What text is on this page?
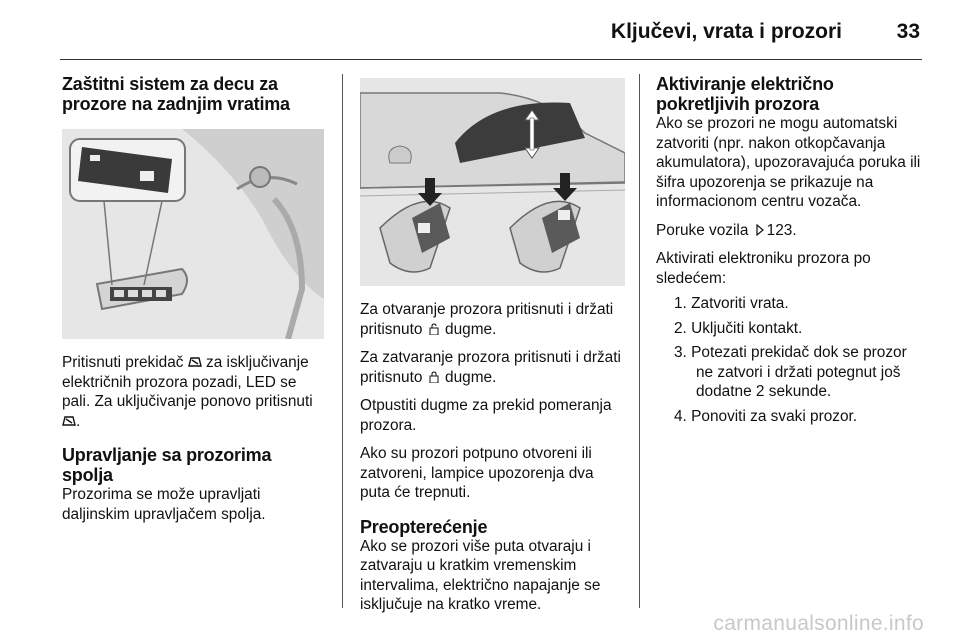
Ključevi, vrata i prozori	33
Zaštitni sistem za decu za prozore na zadnjim vratima

Pritisnuti prekidač  za isključivanje električnih prozora pozadi, LED se pali. Za uključivanje ponovo pritisnuti .

Upravljanje sa prozorima spolja

Prozorima se može upravljati daljinskim upravljačem spolja.

Za otvaranje prozora pritisnuti i držati pritisnuto  dugme.

Za zatvaranje prozora pritisnuti i držati pritisnuto  dugme.

Otpustiti dugme za prekid pomeranja prozora.

Ako su prozori potpuno otvoreni ili zatvoreni, lampice upozorenja dva puta će trepnuti.

Preopterećenje

Ako se prozori više puta otvaraju i zatvaraju u kratkim vremenskim intervalima, električno napajanje se isključuje na kratko vreme.

Aktiviranje električno pokretljivih prozora

Ako se prozori ne mogu automatski zatvoriti (npr. nakon otkopčavanja akumulatora), upozoravajuća poruka ili šifra upozorenja se prikazuje na informacionom centru vozača.

Poruke vozila 123.

Aktivirati elektroniku prozora po sledećem:

1. Zatvoriti vrata.
2. Uključiti kontakt.
3. Potezati prekidač dok se prozor ne zatvori i držati potegnut još dodatne 2 sekunde.
4. Ponoviti za svaki prozor.
carmanualsonline.info
